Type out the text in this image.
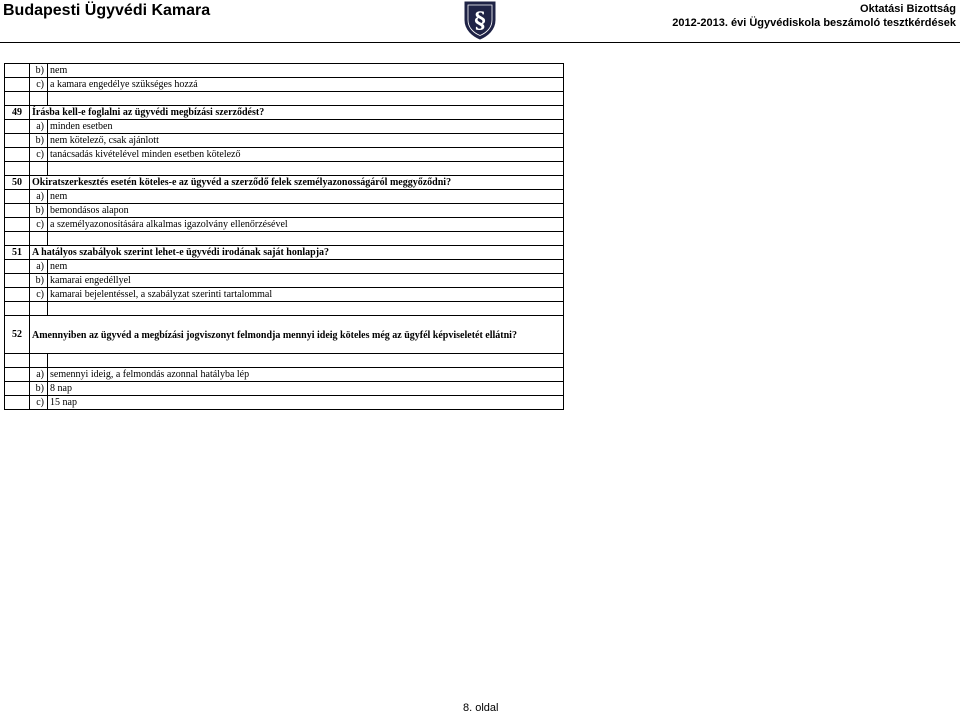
Budapesti Ügyvédi Kamara	§	Oktatási Bizottság
2012-2013. évi Ügyvédiskola beszámoló tesztkérdések
	b)	nem
	c)	a kamara engedélye szükséges hozzá

49	Írásba kell-e foglalni az ügyvédi megbízási szerződést?	
	a)	minden esetben
	b)	nem kötelező, csak ajánlott
	c)	tanácsadás kivételével minden esetben kötelező

50	Okiratszerkesztés esetén köteles-e az ügyvéd a szerződő felek személyazonosságáról meggyőződni?	
	a)	nem
	b)	bemondásos alapon
	c)	a személyazonosítására alkalmas igazolvány ellenőrzésével

51	A hatályos szabályok szerint lehet-e ügyvédi irodának saját honlapja?	
	a)	nem
	b)	kamarai engedéllyel
	c)	kamarai bejelentéssel, a szabályzat szerinti tartalommal

52	Amennyiben az ügyvéd a megbízási jogviszonyt felmondja mennyi ideig köteles még az ügyfél képviseletét ellátni?	

	a)	semennyi ideig, a felmondás azonnal hatályba lép
	b)	8 nap
	c)	15 nap
8. oldal
